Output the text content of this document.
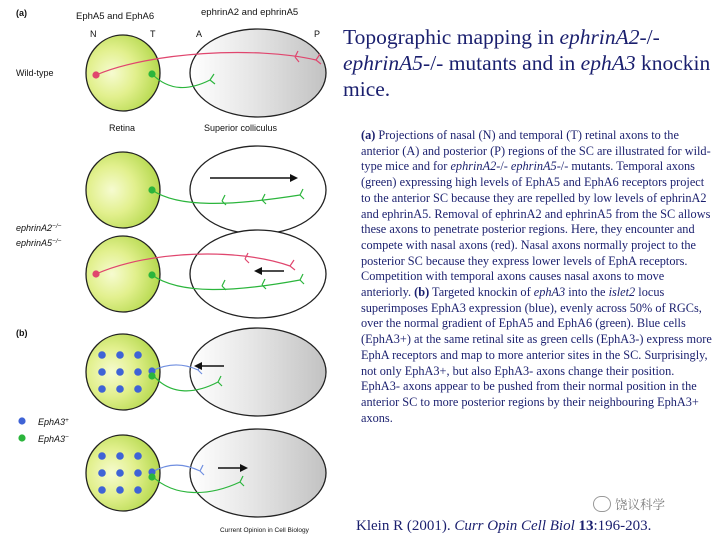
(a)	EphA5 and EphA6	ephrinA2 and ephrinA5
N	T	A	P
Wild-type
Retina	Superior colliculus
ephrinA2−/−
ephrinA5−/−
(b)
EphA3+
EphA3−
Current Opinion in Cell Biology
Topographic mapping in ephrinA2-/- ephrinA5-/- mutants and in ephA3 knockin mice.
(a) Projections of nasal (N) and temporal (T) retinal axons to the anterior (A) and posterior (P) regions of the SC are illustrated for wild-type mice and for ephrinA2-/- ephrinA5-/- mutants. Temporal axons (green) expressing high levels of EphA5 and EphA6 receptors project to the anterior SC because they are repelled by low levels of ephrinA2 and ephrinA5. Removal of ephrinA2 and ephrinA5 from the SC allows these axons to penetrate posterior regions. Here, they encounter and compete with nasal axons (red). Nasal axons normally project to the posterior SC because they express lower levels of EphA receptors. Competition with temporal axons causes nasal axons to move anteriorly. (b) Targeted knockin of ephA3 into the islet2 locus superimposes EphA3 expression (blue), evenly across 50% of RGCs, over the normal gradient of EphA5 and EphA6 (green). Blue cells (EphA3+) at the same retinal site as green cells (EphA3-) express more EphA receptors and map to more anterior sites in the SC. Surprisingly, not only EphA3+, but also EphA3- axons change their position. EphA3- axons appear to be pushed from their normal position in the anterior SC to more posterior regions by their neighbouring EphA3+ axons.
饶议科学
Klein R (2001). Curr Opin Cell Biol 13:196-203.
